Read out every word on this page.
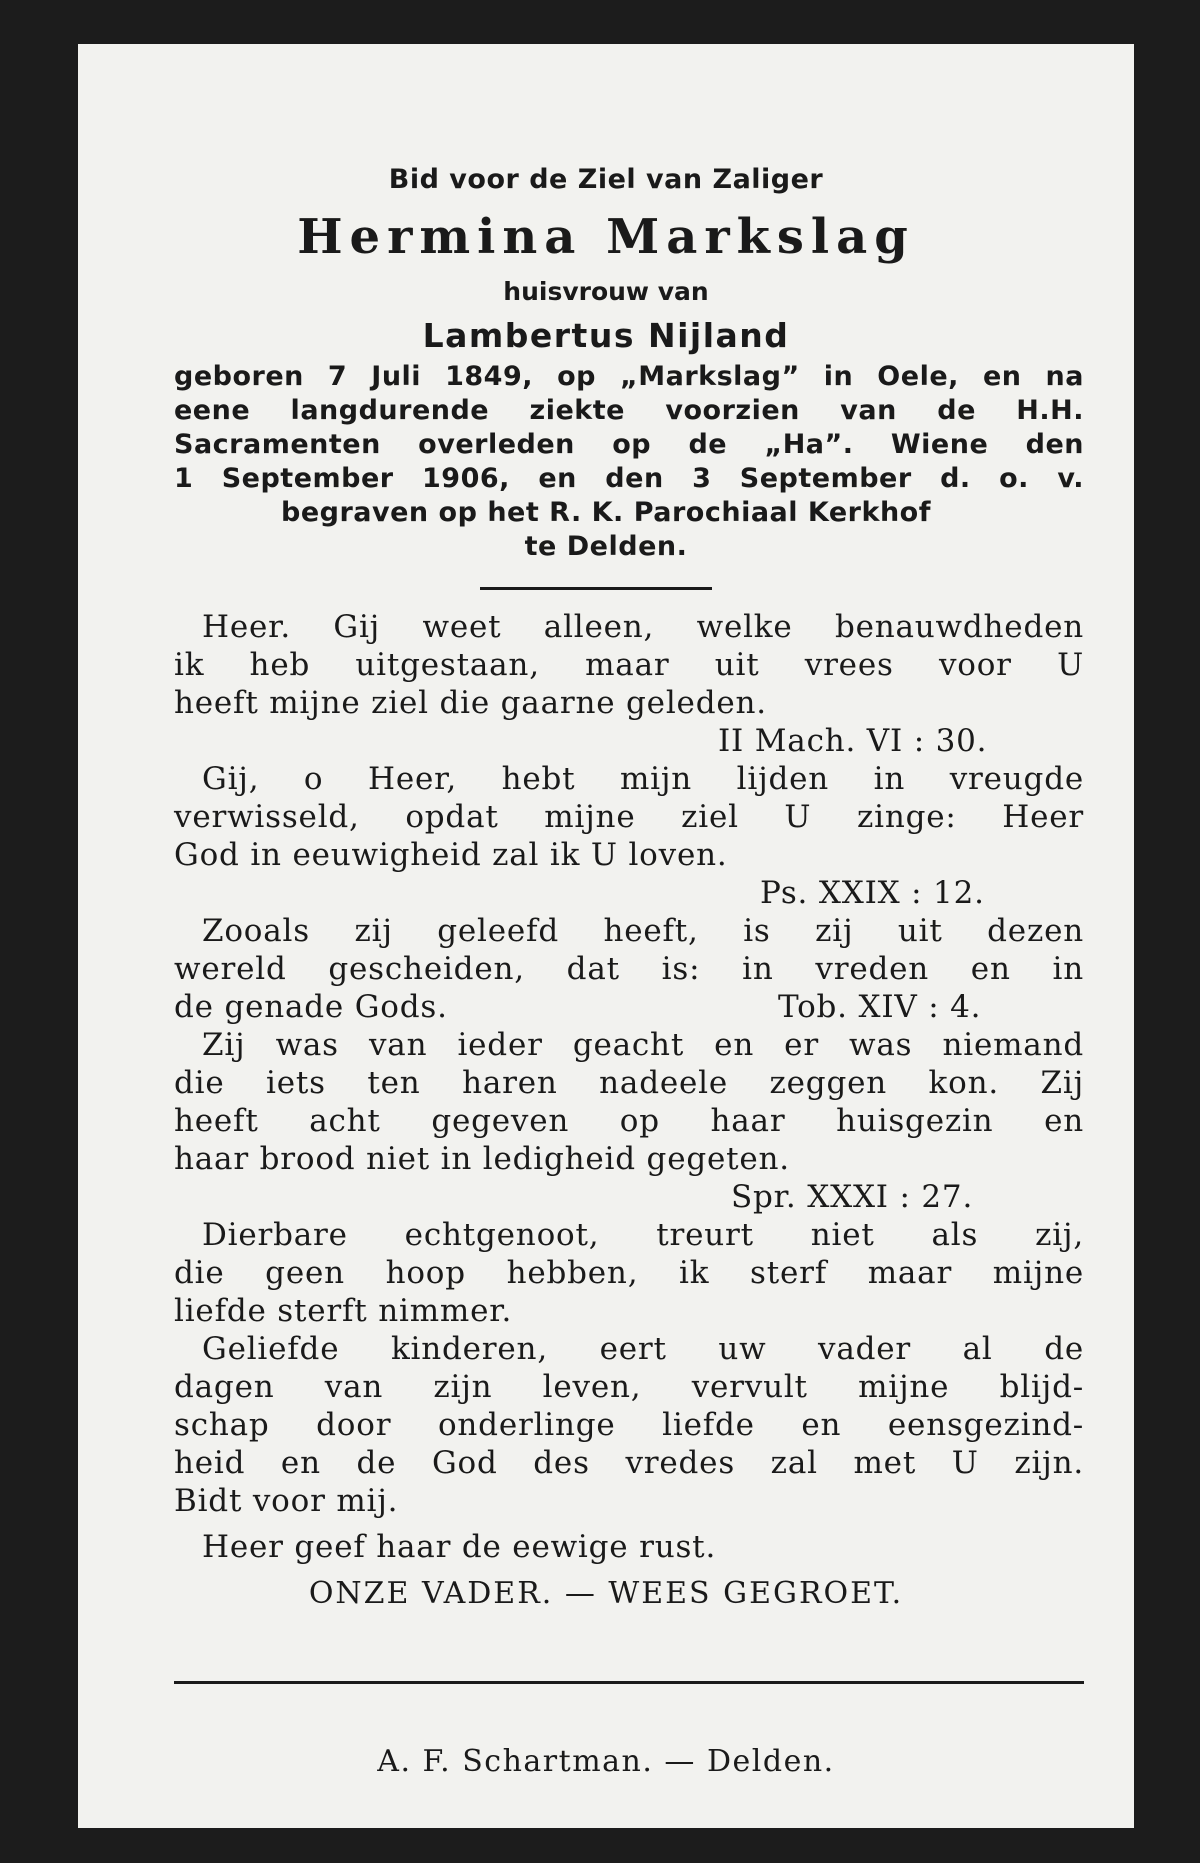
Bid voor de Ziel van Zaliger
Hermina Markslag
huisvrouw van
Lambertus Nijland
geboren 7 Juli 1849, op „Markslag” in Oele, en na
eene langdurende ziekte voorzien van de H.H.
Sacramenten overleden op de „Ha”. Wiene den
1 September 1906, en den 3 September d. o. v.
begraven op het R. K. Parochiaal Kerkhof
te Delden.
Heer. Gij weet alleen, welke benauwdheden
ik heb uitgestaan, maar uit vrees voor U
heeft mijne ziel die gaarne geleden.
II Mach. VI : 30.
Gij, o Heer, hebt mijn lijden in vreugde
verwisseld, opdat mijne ziel U zinge: Heer
God in eeuwigheid zal ik U loven.
Ps. XXIX : 12.
Zooals zij geleefd heeft, is zij uit dezen
wereld gescheiden, dat is: in vreden en in
de genade Gods.	Tob. XIV : 4.
Zij was van ieder geacht en er was niemand
die iets ten haren nadeele zeggen kon. Zij
heeft acht gegeven op haar huisgezin en
haar brood niet in ledigheid gegeten.
Spr. XXXI : 27.
Dierbare echtgenoot, treurt niet als zij,
die geen hoop hebben, ik sterf maar mijne
liefde sterft nimmer.
Geliefde kinderen, eert uw vader al de
dagen van zijn leven, vervult mijne blijd-
schap door onderlinge liefde en eensgezind-
heid en de God des vredes zal met U zijn.
Bidt voor mij.
Heer geef haar de eewige rust.
ONZE VADER. — WEES GEGROET.
A. F. Schartman. — Delden.
